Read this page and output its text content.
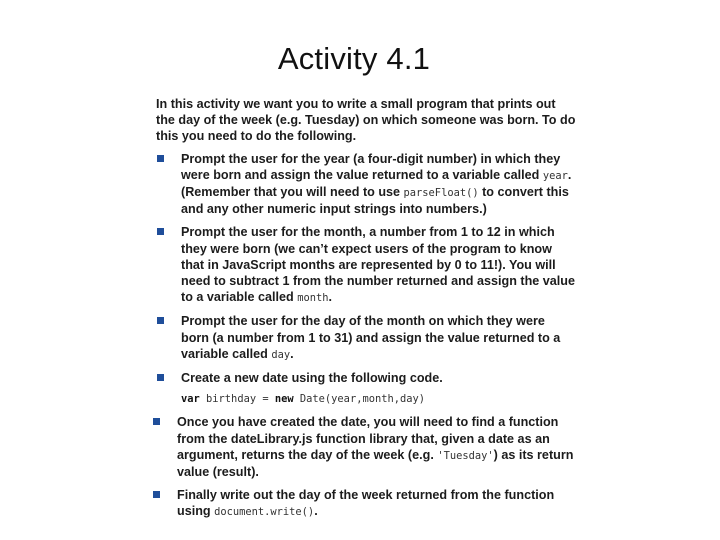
Activity 4.1

In this activity we want you to write a small program that prints out the day of the week (e.g. Tuesday) on which someone was born. To do this you need to do the following.

Prompt the user for the year (a four-digit number) in which they were born and assign the value returned to a variable called year. (Remember that you will need to use parseFloat() to convert this and any other numeric input strings into numbers.)
Prompt the user for the month, a number from 1 to 12 in which they were born (we can’t expect users of the program to know that in JavaScript months are represented by 0 to 11!). You will need to subtract 1 from the number returned and assign the value to a variable called month.
Prompt the user for the day of the month on which they were born (a number from 1 to 31) and assign the value returned to a variable called day.
Create a new date using the following code.
var birthday = new Date(year,month,day)
Once you have created the date, you will need to find a function from the dateLibrary.js function library that, given a date as an argument, returns the day of the week (e.g. 'Tuesday') as its return value (result).
Finally write out the day of the week returned from the function using document.write().
